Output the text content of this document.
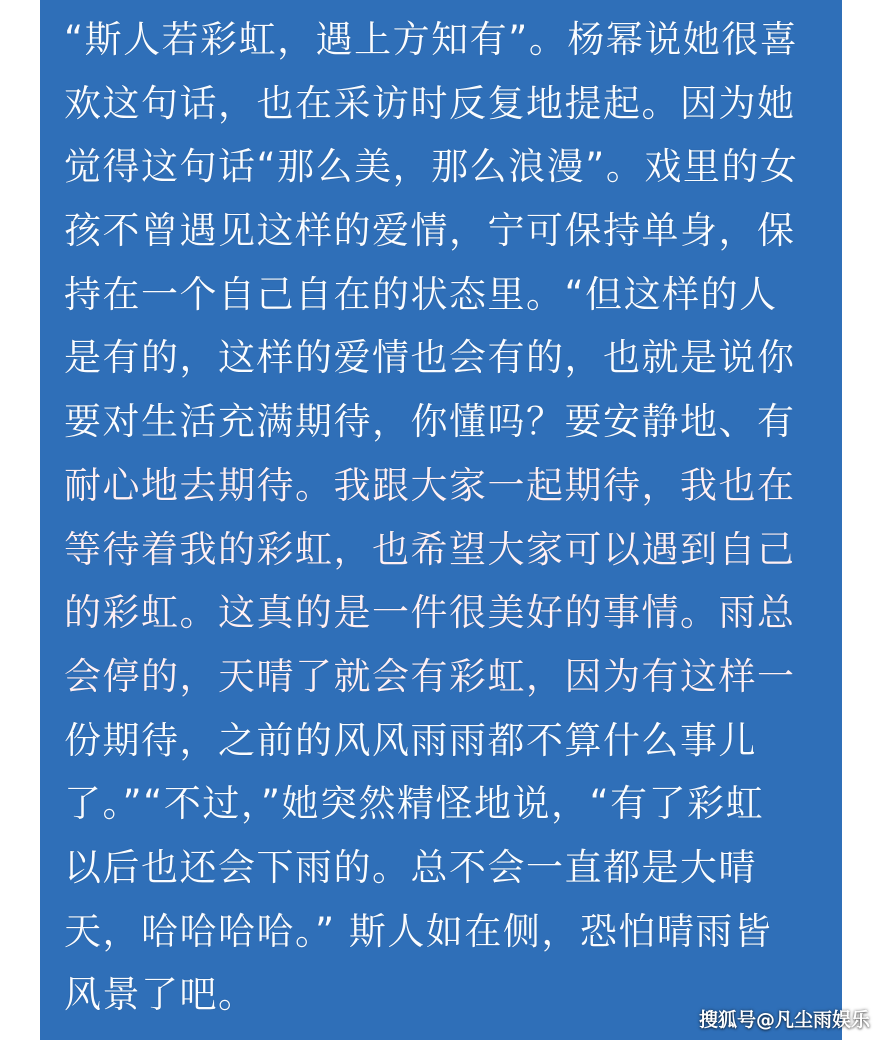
“斯人若彩虹，遇上方知有”。杨幂说她很喜
欢这句话，也在采访时反复地提起。因为她
觉得这句话“那么美，那么浪漫”。戏里的女
孩不曾遇见这样的爱情，宁可保持单身，保
持在一个自己自在的状态里。“但这样的人
是有的，这样的爱情也会有的，也就是说你
要对生活充满期待，你懂吗？要安静地、有
耐心地去期待。我跟大家一起期待，我也在
等待着我的彩虹，也希望大家可以遇到自己
的彩虹。这真的是一件很美好的事情。雨总
会停的，天晴了就会有彩虹，因为有这样一
份期待，之前的风风雨雨都不算什么事儿
了。”“不过，”她突然精怪地说，“有了彩虹
以后也还会下雨的。总不会一直都是大晴
天，哈哈哈哈。” 斯人如在侧，恐怕晴雨皆
风景了吧。
搜狐号@凡尘雨娱乐
